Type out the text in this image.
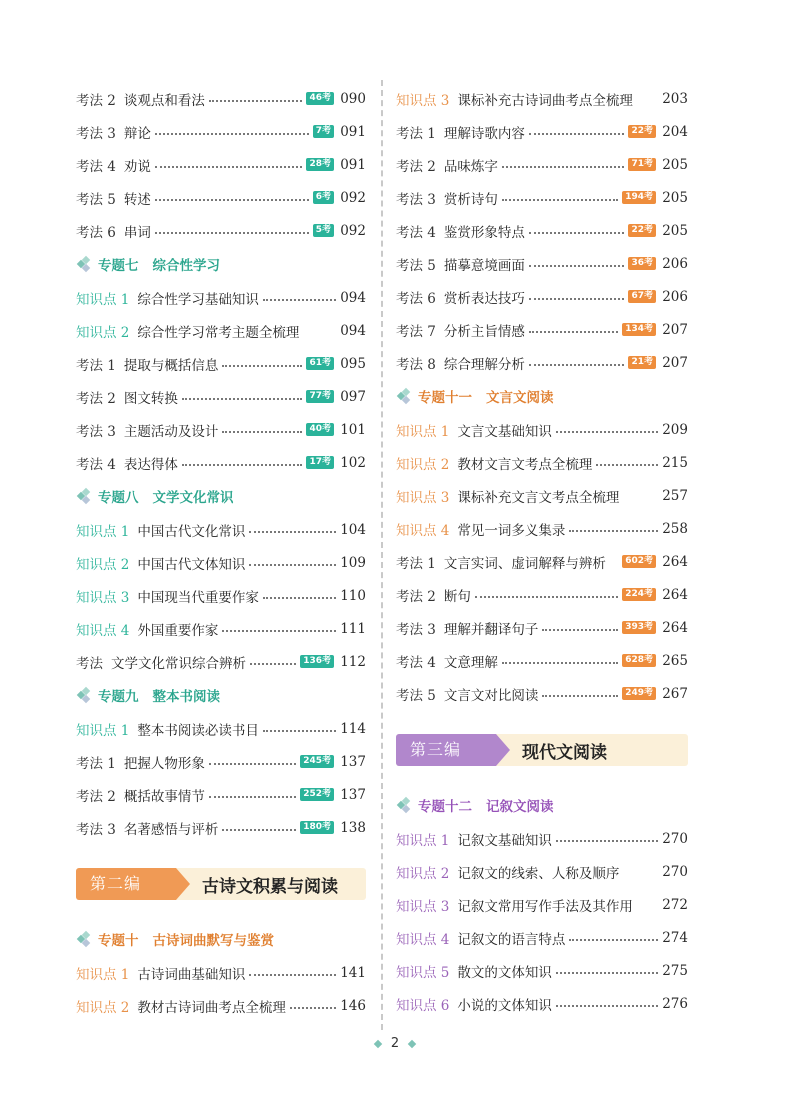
考法 2 谈观点和看法	46考 090
考法 3 辩论	7考 091
考法 4 劝说	28考 091
考法 5 转述	6考 092
考法 6 串词	5考 092
专题七 综合性学习
知识点 1 综合性学习基础知识	094
知识点 2 综合性学习常考主题全梳理	094
考法 1 提取与概括信息	61考 095
考法 2 图文转换	77考 097
考法 3 主题活动及设计	40考 101
考法 4 表达得体	17考 102
专题八 文学文化常识
知识点 1 中国古代文化常识	104
知识点 2 中国古代文体知识	109
知识点 3 中国现当代重要作家	110
知识点 4 外国重要作家	111
考法 文学文化常识综合辨析	136考 112
专题九 整本书阅读
知识点 1 整本书阅读必读书目	114
考法 1 把握人物形象	245考 137
考法 2 概括故事情节	252考 137
考法 3 名著感悟与评析	180考 138
第二编	古诗文积累与阅读
专题十 古诗词曲默写与鉴赏
知识点 1 古诗词曲基础知识	141
知识点 2 教材古诗词曲考点全梳理	146
知识点 3 课标补充古诗词曲考点全梳理 203
考法 1 理解诗歌内容	22考 204
考法 2 品味炼字	71考 205
考法 3 赏析诗句	194考 205
考法 4 鉴赏形象特点	22考 205
考法 5 描摹意境画面	36考 206
考法 6 赏析表达技巧	67考 206
考法 7 分析主旨情感	134考 207
考法 8 综合理解分析	21考 207
专题十一 文言文阅读
知识点 1 文言文基础知识	209
知识点 2 教材文言文考点全梳理	215
知识点 3 课标补充文言文考点全梳理	257
知识点 4 常见一词多义集录	258
考法 1 文言实词、虚词解释与辨析	602考 264
考法 2 断句	224考 264
考法 3 理解并翻译句子	393考 264
考法 4 文意理解	628考 265
考法 5 文言文对比阅读	249考 267
第三编	现代文阅读
专题十二 记叙文阅读
知识点 1 记叙文基础知识	270
知识点 2 记叙文的线索、人称及顺序	270
知识点 3 记叙文常用写作手法及其作用 272
知识点 4 记叙文的语言特点	274
知识点 5 散文的文体知识	275
知识点 6 小说的文体知识	276
2
